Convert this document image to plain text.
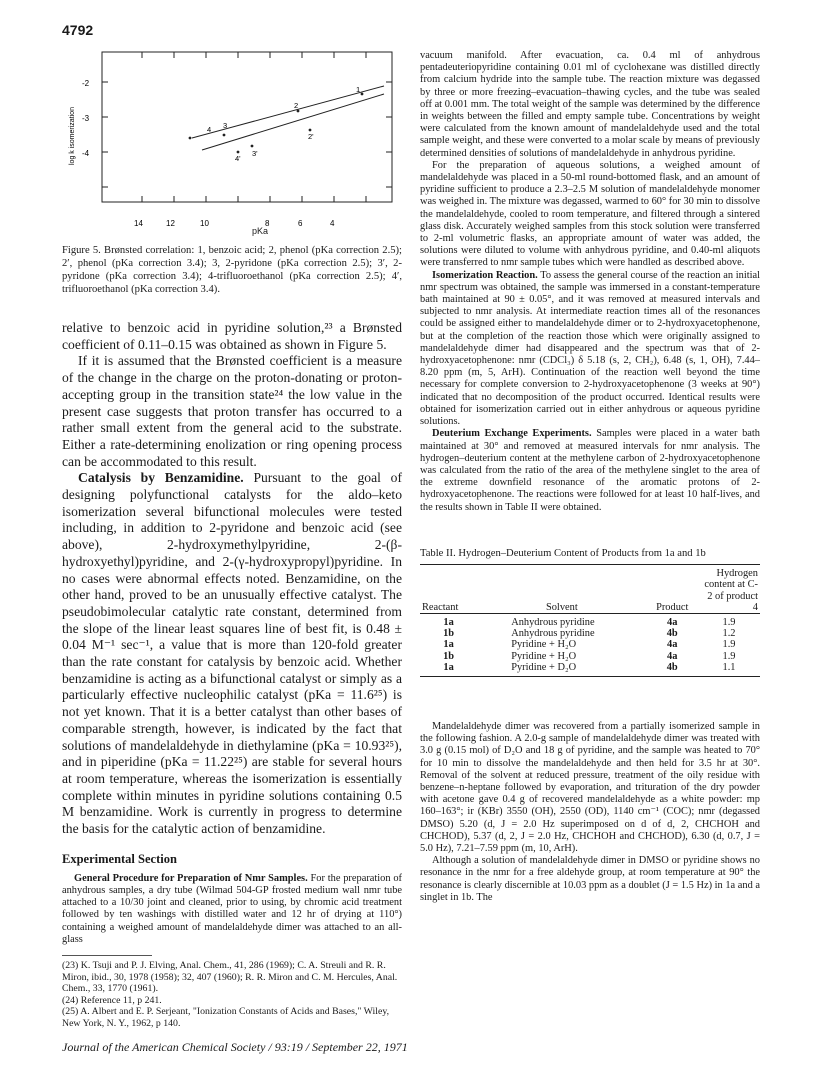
4792
-2
-3
-4
log k isomerization
14	12	10	8	6	4
1
2
2'
3
3'
4
4'
pKa
Figure 5. Brønsted correlation: 1, benzoic acid; 2, phenol (pKa correction 2.5); 2′, phenol (pKa correction 3.4); 3, 2-pyridone (pKa correction 2.5); 3′, 2-pyridone (pKa correction 3.4); 4-trifluoroethanol (pKa correction 2.5); 4′, trifluoroethanol (pKa correction 3.4).

relative to benzoic acid in pyridine solution,²³ a Brønsted coefficient of 0.11–0.15 was obtained as shown in Figure 5.

If it is assumed that the Brønsted coefficient is a measure of the change in the charge on the proton-donating or proton-accepting group in the transition state²⁴ the low value in the present case suggests that proton transfer has occurred to a rather small extent from the general acid to the substrate. Either a rate-determining enolization or ring opening process can be accommodated to this result.

Catalysis by Benzamidine. Pursuant to the goal of designing polyfunctional catalysts for the aldo–keto isomerization several bifunctional molecules were tested including, in addition to 2-pyridone and benzoic acid (see above), 2-hydroxymethylpyridine, 2-(β-hydroxyethyl)pyridine, and 2-(γ-hydroxypropyl)pyridine. In no cases were abnormal effects noted. Benzamidine, on the other hand, proved to be an unusually effective catalyst. The pseudobimolecular catalytic rate constant, determined from the slope of the linear least squares line of best fit, is 0.48 ± 0.04 M⁻¹ sec⁻¹, a value that is more than 120-fold greater than the rate constant for catalysis by benzoic acid. Whether benzamidine is acting as a bifunctional catalyst or simply as a particularly effective nucleophilic catalyst (pKa = 11.6²⁵) is not yet known. That it is a better catalyst than other bases of comparable strength, however, is indicated by the fact that solutions of mandelaldehyde in diethylamine (pKa = 10.93²⁵), and in piperidine (pKa = 11.22²⁵) are stable for several hours at room temperature, whereas the isomerization is essentially complete within minutes in pyridine solutions containing 0.5 M benzamidine. Work is currently in progress to determine the basis for the catalytic action of benzamidine.

Experimental Section

General Procedure for Preparation of Nmr Samples. For the preparation of anhydrous samples, a dry tube (Wilmad 504-GP frosted medium wall nmr tube attached to a 10/30 joint and cleaned, prior to using, by chromic acid treatment followed by ten washings with distilled water and 12 hr of drying at 110°) containing a weighed amount of mandelaldehyde dimer was attached to an all-glass

(23) K. Tsuji and P. J. Elving, Anal. Chem., 41, 286 (1969); C. A. Streuli and R. R. Miron, ibid., 30, 1978 (1958); 32, 407 (1960); R. R. Miron and C. M. Hercules, Anal. Chem., 33, 1770 (1961).
(24) Reference 11, p 241.
(25) A. Albert and E. P. Serjeant, "Ionization Constants of Acids and Bases," Wiley, New York, N. Y., 1962, p 140.

vacuum manifold. After evacuation, ca. 0.4 ml of anhydrous pentadeuteriopyridine containing 0.01 ml of cyclohexane was distilled directly from calcium hydride into the sample tube. The reaction mixture was degassed by three or more freezing–evacuation–thawing cycles, and the tube was sealed off at 0.001 mm. The total weight of the sample was determined by the difference in weights between the filled and empty sample tube. Concentrations by weight were calculated from the known amount of mandelaldehyde used and the total sample weight, and these were converted to a molar scale by means of previously determined densities of solutions of mandelaldehyde in anhydrous pyridine.

For the preparation of aqueous solutions, a weighed amount of mandelaldehyde was placed in a 50-ml round-bottomed flask, and an amount of pyridine sufficient to produce a 2.3–2.5 M solution of mandelaldehyde monomer was weighed in. The mixture was degassed, warmed to 60° for 30 min to dissolve the mandelaldehyde, cooled to room temperature, and filtered through a sintered glass disk. Accurately weighed samples from this stock solution were transferred to 2-ml volumetric flasks, an appropriate amount of water was added, the solutions were diluted to volume with anhydrous pyridine, and 0.40-ml aliquots were transferred to nmr sample tubes which were handled as described above.

Isomerization Reaction. To assess the general course of the reaction an initial nmr spectrum was obtained, the sample was immersed in a constant-temperature bath maintained at 90 ± 0.05°, and it was removed at measured intervals and subjected to nmr analysis. At intermediate reaction times all of the resonances could be assigned either to mandelaldehyde dimer or to 2-hydroxyacetophenone, but at the completion of the reaction those which were originally assigned to mandelaldehyde dimer had disappeared and the spectrum was that of 2-hydroxyacetophenone: nmr (CDCl₃) δ 5.18 (s, 2, CH₂), 6.48 (s, 1, OH), 7.44–8.20 ppm (m, 5, ArH). Continuation of the reaction well beyond the time necessary for complete conversion to 2-hydroxyacetophenone (3 weeks at 90°) indicated that no decomposition of the product occurred. Identical results were obtained for isomerization carried out in either anhydrous or aqueous pyridine solutions.

Deuterium Exchange Experiments. Samples were placed in a water bath maintained at 30° and removed at measured intervals for nmr analysis. The hydrogen–deuterium content at the methylene carbon of 2-hydroxyacetophenone was calculated from the ratio of the area of the methylene singlet to the area of the extreme downfield resonance of the aromatic protons of 2-hydroxyacetophenone. The reactions were followed for at least 10 half-lives, and the results shown in Table II were obtained.

Table II. Hydrogen–Deuterium Content of Products from 1a and 1b
Reactant	Solvent	Product	Hydrogen content at C-2 of product 4
1a	Anhydrous pyridine	4a	1.9
1b	Anhydrous pyridine	4b	1.2
1a	Pyridine + H₂O	4a	1.9
1b	Pyridine + H₂O	4a	1.9
1a	Pyridine + D₂O	4b	1.1

Mandelaldehyde dimer was recovered from a partially isomerized sample in the following fashion. A 2.0-g sample of mandelaldehyde dimer was treated with 3.0 g (0.15 mol) of D₂O and 18 g of pyridine, and the sample was heated to 70° for 10 min to dissolve the mandelaldehyde and then held for 3.5 hr at 30°. Removal of the solvent at reduced pressure, treatment of the oily residue with benzene–n-heptane followed by evaporation, and trituration of the dry powder with acetone gave 0.4 g of recovered mandelaldehyde as a white powder: mp 160–163°; ir (KBr) 3550 (OH), 2550 (OD), 1140 cm⁻¹ (COC); nmr (degassed DMSO) 5.20 (d, J = 2.0 Hz superimposed on d of d, 2, CHCHOH and CHCHOD), 5.37 (d, 2, J = 2.0 Hz, CHCHOH and CHCHOD), 6.30 (d, 0.7, J = 5.0 Hz), 7.21–7.59 ppm (m, 10, ArH).

Although a solution of mandelaldehyde dimer in DMSO or pyridine shows no resonance in the nmr for a free aldehyde group, at room temperature at 90° the resonance is clearly discernible at 10.03 ppm as a doublet (J = 1.5 Hz) in 1a and a singlet in 1b. The

Journal of the American Chemical Society / 93:19 / September 22, 1971
